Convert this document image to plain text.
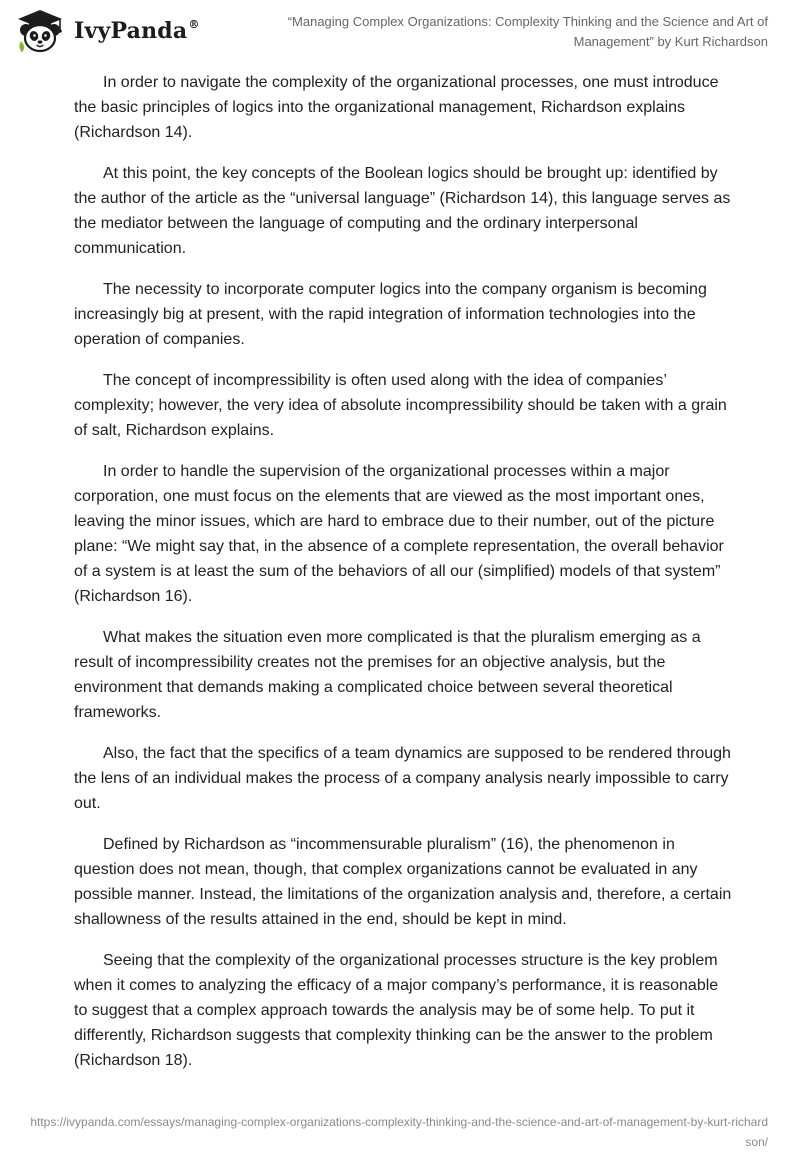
IvyPanda®	“Managing Complex Organizations: Complexity Thinking and the Science and Art of Management” by Kurt Richardson

In order to navigate the complexity of the organizational processes, one must introduce the basic principles of logics into the organizational management, Richardson explains (Richardson 14).

At this point, the key concepts of the Boolean logics should be brought up: identified by the author of the article as the “universal language” (Richardson 14), this language serves as the mediator between the language of computing and the ordinary interpersonal communication.

The necessity to incorporate computer logics into the company organism is becoming increasingly big at present, with the rapid integration of information technologies into the operation of companies.

The concept of incompressibility is often used along with the idea of companies’ complexity; however, the very idea of absolute incompressibility should be taken with a grain of salt, Richardson explains.

In order to handle the supervision of the organizational processes within a major corporation, one must focus on the elements that are viewed as the most important ones, leaving the minor issues, which are hard to embrace due to their number, out of the picture plane: “We might say that, in the absence of a complete representation, the overall behavior of a system is at least the sum of the behaviors of all our (simplified) models of that system” (Richardson 16).

What makes the situation even more complicated is that the pluralism emerging as a result of incompressibility creates not the premises for an objective analysis, but the environment that demands making a complicated choice between several theoretical frameworks.

Also, the fact that the specifics of a team dynamics are supposed to be rendered through the lens of an individual makes the process of a company analysis nearly impossible to carry out.

Defined by Richardson as “incommensurable pluralism” (16), the phenomenon in question does not mean, though, that complex organizations cannot be evaluated in any possible manner. Instead, the limitations of the organization analysis and, therefore, a certain shallowness of the results attained in the end, should be kept in mind.

Seeing that the complexity of the organizational processes structure is the key problem when it comes to analyzing the efficacy of a major company’s performance, it is reasonable to suggest that a complex approach towards the analysis may be of some help. To put it differently, Richardson suggests that complexity thinking can be the answer to the problem (Richardson 18).

https://ivypanda.com/essays/managing-complex-organizations-complexity-thinking-and-the-science-and-art-of-management-by-kurt-richardson/
